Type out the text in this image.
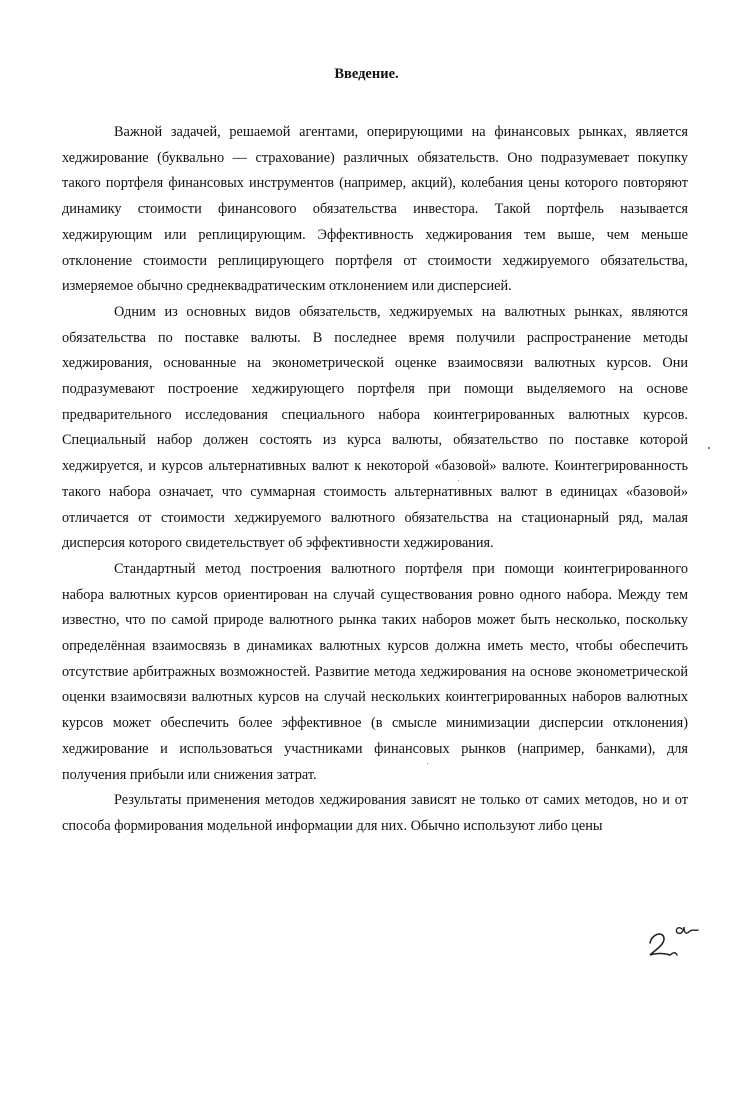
Введение.

Важной задачей, решаемой агентами, оперирующими на финансовых рынках, является хеджирование (буквально — страхование) различных обязательств. Оно подразумевает покупку такого портфеля финансовых инструментов (например, акций), колебания цены которого повторяют динамику стоимости финансового обязательства инвестора. Такой портфель называется хеджирующим или реплицирующим. Эффективность хеджирования тем выше, чем меньше отклонение стоимости реплицирующего портфеля от стоимости хеджируемого обязательства, измеряемое обычно среднеквадратическим отклонением или дисперсией.

Одним из основных видов обязательств, хеджируемых на валютных рынках, являются обязательства по поставке валюты. В последнее время получили распространение методы хеджирования, основанные на эконометрической оценке взаимосвязи валютных курсов. Они подразумевают построение хеджирующего портфеля при помощи выделяемого на основе предварительного исследования специального набора коинтегрированных валютных курсов. Специальный набор должен состоять из курса валюты, обязательство по поставке которой хеджируется, и курсов альтернативных валют к некоторой «базовой» валюте. Коинтегрированность такого набора означает, что суммарная стоимость альтернативных валют в единицах «базовой» отличается от стоимости хеджируемого валютного обязательства на стационарный ряд, малая дисперсия которого свидетельствует об эффективности хеджирования.

Стандартный метод построения валютного портфеля при помощи коинтегрированного набора валютных курсов ориентирован на случай существования ровно одного набора. Между тем известно, что по самой природе валютного рынка таких наборов может быть несколько, поскольку определённая взаимосвязь в динамиках валютных курсов должна иметь место, чтобы обеспечить отсутствие арбитражных возможностей. Развитие метода хеджирования на основе эконометрической оценки взаимосвязи валютных курсов на случай нескольких коинтегрированных наборов валютных курсов может обеспечить более эффективное (в смысле минимизации дисперсии отклонения) хеджирование и использоваться участниками финансовых рынков (например, банками), для получения прибыли или снижения затрат.

Результаты применения методов хеджирования зависят не только от самих методов, но и от способа формирования модельной информации для них. Обычно используют либо цены
